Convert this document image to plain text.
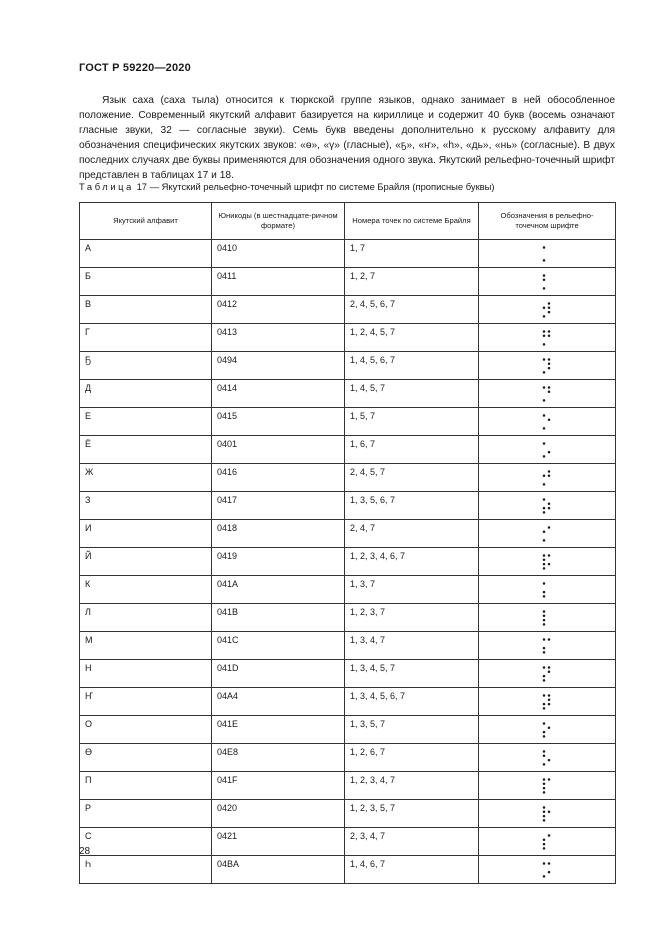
ГОСТ Р 59220—2020

Язык саха (саха тыла) относится к тюркской группе языков, однако занимает в ней обособленное положение. Современный якутский алфавит базируется на кириллице и содержит 40 букв (восемь означают гласные звуки, 32 — согласные звуки). Семь букв введены дополнительно к русскому алфавиту для обозначения специфических якутских звуков: «ө», «ү» (гласные), «ҕ», «ҥ», «һ», «дь», «нь» (согласные). В двух последних случаях две буквы применяются для обозначения одного звука. Якутский рельефно-точечный шрифт представлен в таблицах 17 и 18.

Таблица 17 — Якутский рельефно-точечный шрифт по системе Брайля (прописные буквы)
Якутский алфавит	Юникоды (в шестнадцате-ричном формате)	Номера точек по системе Брайля	Обозначения в рельефно-точечном шрифте
А	0410	1, 7	

Б	0411	1, 2, 7	

В	0412	2, 4, 5, 6, 7	

Г	0413	1, 2, 4, 5, 7	

Ҕ	0494	1, 4, 5, 6, 7	

Д	0414	1, 4, 5, 7	

Е	0415	1, 5, 7	

Ё	0401	1, 6, 7	

Ж	0416	2, 4, 5, 7	

З	0417	1, 3, 5, 6, 7	

И	0418	2, 4, 7	

Й	0419	1, 2, 3, 4, 6, 7	

К	041A	1, 3, 7	

Л	041B	1, 2, 3, 7	

М	041C	1, 3, 4, 7	

Н	041D	1, 3, 4, 5, 7	

Ҥ	04A4	1, 3, 4, 5, 6, 7	

О	041E	1, 3, 5, 7	

Ө	04E8	1, 2, 6, 7	

П	041F	1, 2, 3, 4, 7	

Р	0420	1, 2, 3, 5, 7	

С	0421	2, 3, 4, 7	

Һ	04BA	1, 4, 6, 7	
28
